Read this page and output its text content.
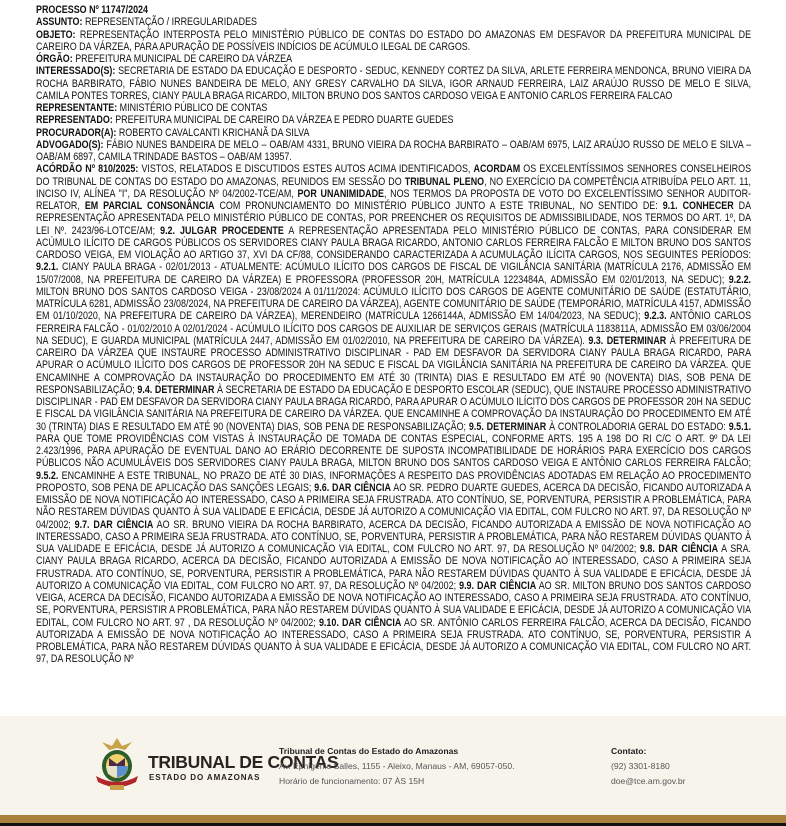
PROCESSO Nº 11747/2024

ASSUNTO: REPRESENTAÇÃO / IRREGULARIDADES

OBJETO: REPRESENTAÇÃO INTERPOSTA PELO MINISTÉRIO PÚBLICO DE CONTAS DO ESTADO DO AMAZONAS EM DESFAVOR DA PREFEITURA MUNICIPAL DE CAREIRO DA VÁRZEA, PARA APURAÇÃO DE POSSÍVEIS INDÍCIOS DE ACÚMULO ILEGAL DE CARGOS.

ÓRGÃO: PREFEITURA MUNICIPAL DE CAREIRO DA VÁRZEA

INTERESSADO(S): SECRETARIA DE ESTADO DA EDUCAÇÃO E DESPORTO - SEDUC, KENNEDY CORTEZ DA SILVA, ARLETE FERREIRA MENDONCA, BRUNO VIEIRA DA ROCHA BARBIRATO, FÁBIO NUNES BANDEIRA DE MELO, ANY GRESY CARVALHO DA SILVA, IGOR ARNAUD FERREIRA, LAIZ ARAÚJO RUSSO DE MELO E SILVA, CAMILA PONTES TORRES, CIANY PAULA BRAGA RICARDO, MILTON BRUNO DOS SANTOS CARDOSO VEIGA E ANTONIO CARLOS FERREIRA FALCAO

REPRESENTANTE: MINISTÉRIO PÚBLICO DE CONTAS

REPRESENTADO: PREFEITURA MUNICIPAL DE CAREIRO DA VÁRZEA E PEDRO DUARTE GUEDES

PROCURADOR(A): ROBERTO CAVALCANTI KRICHANÃ DA SILVA

ADVOGADO(S): FÁBIO NUNES BANDEIRA DE MELO – OAB/AM 4331, BRUNO VIEIRA DA ROCHA BARBIRATO – OAB/AM 6975, LAIZ ARAÚJO RUSSO DE MELO E SILVA – OAB/AM 6897, CAMILA TRINDADE BASTOS – OAB/AM 13957.

ACÓRDÃO Nº 810/2025: VISTOS, RELATADOS E DISCUTIDOS ESTES AUTOS ACIMA IDENTIFICADOS, ACORDAM OS EXCELENTÍSSIMOS SENHORES CONSELHEIROS DO TRIBUNAL DE CONTAS DO ESTADO DO AMAZONAS, REUNIDOS EM SESSÃO DO TRIBUNAL PLENO, NO EXERCÍCIO DA COMPETÊNCIA ATRIBUÍDA PELO ART. 11, INCISO IV, ALÍNEA "I", DA RESOLUÇÃO Nº 04/2002-TCE/AM, POR UNANIMIDADE, NOS TERMOS DA PROPOSTA DE VOTO DO EXCELENTÍSSIMO SENHOR AUDITOR-RELATOR, EM PARCIAL CONSONÂNCIA COM PRONUNCIAMENTO DO MINISTÉRIO PÚBLICO JUNTO A ESTE TRIBUNAL, NO SENTIDO DE: 9.1. CONHECER DA REPRESENTAÇÃO APRESENTADA PELO MINISTÉRIO PÚBLICO DE CONTAS, POR PREENCHER OS REQUISITOS DE ADMISSIBILIDADE, NOS TERMOS DO ART. 1º, DA LEI Nº. 2423/96-LOTCE/AM; 9.2. JULGAR PROCEDENTE A REPRESENTAÇÃO APRESENTADA PELO MINISTÉRIO PÚBLICO DE CONTAS, PARA CONSIDERAR EM ACÚMULO ILÍCITO DE CARGOS PÚBLICOS OS SERVIDORES CIANY PAULA BRAGA RICARDO, ANTONIO CARLOS FERREIRA FALCÃO E MILTON BRUNO DOS SANTOS CARDOSO VEIGA, EM VIOLAÇÃO AO ARTIGO 37, XVI DA CF/88, CONSIDERANDO CARACTERIZADA A ACUMULAÇÃO ILÍCITA CARGOS, NOS SEGUINTES PERÍODOS: 9.2.1. CIANY PAULA BRAGA - 02/01/2013 - ATUALMENTE: ACÚMULO ILÍCITO DOS CARGOS DE FISCAL DE VIGILÂNCIA SANITÁRIA (MATRÍCULA 2176, ADMISSÃO EM 15/07/2008, NA PREFEITURA DE CAREIRO DA VÁRZEA) E PROFESSORA (PROFESSOR 20H, MATRÍCULA 1223484A, ADMISSÃO EM 02/01/2013, NA SEDUC); 9.2.2. MILTON BRUNO DOS SANTOS CARDOSO VEIGA - 23/08/2024 A 01/11/2024: ACÚMULO ILÍCITO DOS CARGOS DE AGENTE COMUNITÁRIO DE SAÚDE (ESTATUTÁRIO, MATRÍCULA 6281, ADMISSÃO 23/08/2024, NA PREFEITURA DE CAREIRO DA VÁRZEA), AGENTE COMUNITÁRIO DE SAÚDE (TEMPORÁRIO, MATRÍCULA 4157, ADMISSÃO EM 01/10/2020, NA PREFEITURA DE CAREIRO DA VÁRZEA), MERENDEIRO (MATRÍCULA 1266144A, ADMISSÃO EM 14/04/2023, NA SEDUC); 9.2.3. ANTÔNIO CARLOS FERREIRA FALCÃO - 01/02/2010 A 02/01/2024 - ACÚMULO ILÍCITO DOS CARGOS DE AUXILIAR DE SERVIÇOS GERAIS (MATRÍCULA 1183811A, ADMISSÃO EM 03/06/2004 NA SEDUC), E GUARDA MUNICIPAL (MATRÍCULA 2447, ADMISSÃO EM 01/02/2010, NA PREFEITURA DE CAREIRO DA VÁRZEA). 9.3. DETERMINAR À PREFEITURA DE CAREIRO DA VÁRZEA QUE INSTAURE PROCESSO ADMINISTRATIVO DISCIPLINAR - PAD EM DESFAVOR DA SERVIDORA CIANY PAULA BRAGA RICARDO, PARA APURAR O ACÚMULO ILÍCITO DOS CARGOS DE PROFESSOR 20H NA SEDUC E FISCAL DA VIGILÂNCIA SANITÁRIA NA PREFEITURA DE CAREIRO DA VÁRZEA. QUE ENCAMINHE A COMPROVAÇÃO DA INSTAURAÇÃO DO PROCEDIMENTO EM ATÉ 30 (TRINTA) DIAS E RESULTADO EM ATÉ 90 (NOVENTA) DIAS, SOB PENA DE RESPONSABILIZAÇÃO; 9.4. DETERMINAR À SECRETARIA DE ESTADO DA EDUCAÇÃO E DESPORTO ESCOLAR (SEDUC), QUE INSTAURE PROCESSO ADMINISTRATIVO DISCIPLINAR - PAD EM DESFAVOR DA SERVIDORA CIANY PAULA BRAGA RICARDO, PARA APURAR O ACÚMULO ILÍCITO DOS CARGOS DE PROFESSOR 20H NA SEDUC E FISCAL DA VIGILÂNCIA SANITÁRIA NA PREFEITURA DE CAREIRO DA VÁRZEA. QUE ENCAMINHE A COMPROVAÇÃO DA INSTAURAÇÃO DO PROCEDIMENTO EM ATÉ 30 (TRINTA) DIAS E RESULTADO EM ATÉ 90 (NOVENTA) DIAS, SOB PENA DE RESPONSABILIZAÇÃO; 9.5. DETERMINAR À CONTROLADORIA GERAL DO ESTADO: 9.5.1. PARA QUE TOME PROVIDÊNCIAS COM VISTAS À INSTAURAÇÃO DE TOMADA DE CONTAS ESPECIAL, CONFORME ARTS. 195 A 198 DO RI C/C O ART. 9º DA LEI 2.423/1996, PARA APURAÇÃO DE EVENTUAL DANO AO ERÁRIO DECORRENTE DE SUPOSTA INCOMPATIBILIDADE DE HORÁRIOS PARA EXERCÍCIO DOS CARGOS PÚBLICOS NÃO ACUMULÁVEIS DOS SERVIDORES CIANY PAULA BRAGA, MILTON BRUNO DOS SANTOS CARDOSO VEIGA E ANTÔNIO CARLOS FERREIRA FALCÃO; 9.5.2. ENCAMINHE A ESTE TRIBUNAL, NO PRAZO DE ATÉ 30 DIAS, INFORMAÇÕES A RESPEITO DAS PROVIDÊNCIAS ADOTADAS EM RELAÇÃO AO PROCEDIMENTO PROPOSTO, SOB PENA DE APLICAÇÃO DAS SANÇÕES LEGAIS; 9.6. DAR CIÊNCIA AO SR. PEDRO DUARTE GUEDES, ACERCA DA DECISÃO, FICANDO AUTORIZADA A EMISSÃO DE NOVA NOTIFICAÇÃO AO INTERESSADO, CASO A PRIMEIRA SEJA FRUSTRADA. ATO CONTÍNUO, SE, PORVENTURA, PERSISTIR A PROBLEMÁTICA, PARA NÃO RESTAREM DÚVIDAS QUANTO À SUA VALIDADE E EFICÁCIA, DESDE JÁ AUTORIZO A COMUNICAÇÃO VIA EDITAL, COM FULCRO NO ART. 97, DA RESOLUÇÃO Nº 04/2002; 9.7. DAR CIÊNCIA AO SR. BRUNO VIEIRA DA ROCHA BARBIRATO, ACERCA DA DECISÃO, FICANDO AUTORIZADA A EMISSÃO DE NOVA NOTIFICAÇÃO AO INTERESSADO, CASO A PRIMEIRA SEJA FRUSTRADA. ATO CONTÍNUO, SE, PORVENTURA, PERSISTIR A PROBLEMÁTICA, PARA NÃO RESTAREM DÚVIDAS QUANTO À SUA VALIDADE E EFICÁCIA, DESDE JÁ AUTORIZO A COMUNICAÇÃO VIA EDITAL, COM FULCRO NO ART. 97, DA RESOLUÇÃO Nº 04/2002; 9.8. DAR CIÊNCIA A SRA. CIANY PAULA BRAGA RICARDO, ACERCA DA DECISÃO, FICANDO AUTORIZADA A EMISSÃO DE NOVA NOTIFICAÇÃO AO INTERESSADO, CASO A PRIMEIRA SEJA FRUSTRADA. ATO CONTÍNUO, SE, PORVENTURA, PERSISTIR A PROBLEMÁTICA, PARA NÃO RESTAREM DÚVIDAS QUANTO À SUA VALIDADE E EFICÁCIA, DESDE JÁ AUTORIZO A COMUNICAÇÃO VIA EDITAL, COM FULCRO NO ART. 97, DA RESOLUÇÃO Nº 04/2002; 9.9. DAR CIÊNCIA AO SR. MILTON BRUNO DOS SANTOS CARDOSO VEIGA, ACERCA DA DECISÃO, FICANDO AUTORIZADA A EMISSÃO DE NOVA NOTIFICAÇÃO AO INTERESSADO, CASO A PRIMEIRA SEJA FRUSTRADA. ATO CONTÍNUO, SE, PORVENTURA, PERSISTIR A PROBLEMÁTICA, PARA NÃO RESTAREM DÚVIDAS QUANTO À SUA VALIDADE E EFICÁCIA, DESDE JÁ AUTORIZO A COMUNICAÇÃO VIA EDITAL, COM FULCRO NO ART. 97 , DA RESOLUÇÃO Nº 04/2002; 9.10. DAR CIÊNCIA AO SR. ANTÔNIO CARLOS FERREIRA FALCÃO, ACERCA DA DECISÃO, FICANDO AUTORIZADA A EMISSÃO DE NOVA NOTIFICAÇÃO AO INTERESSADO, CASO A PRIMEIRA SEJA FRUSTRADA. ATO CONTÍNUO, SE, PORVENTURA, PERSISTIR A PROBLEMÁTICA, PARA NÃO RESTAREM DÚVIDAS QUANTO À SUA VALIDADE E EFICÁCIA, DESDE JÁ AUTORIZO A COMUNICAÇÃO VIA EDITAL, COM FULCRO NO ART. 97, DA RESOLUÇÃO Nº

TRIBUNAL DE CONTAS
ESTADO DO AMAZONAS
Tribunal de Contas do Estado do Amazonas
Av. Ephigênio Salles, 1155 - Aleixo, Manaus - AM, 69057-050.
Horário de funcionamento: 07 ÀS 15H
Contato:
(92) 3301-8180
doe@tce.am.gov.br
